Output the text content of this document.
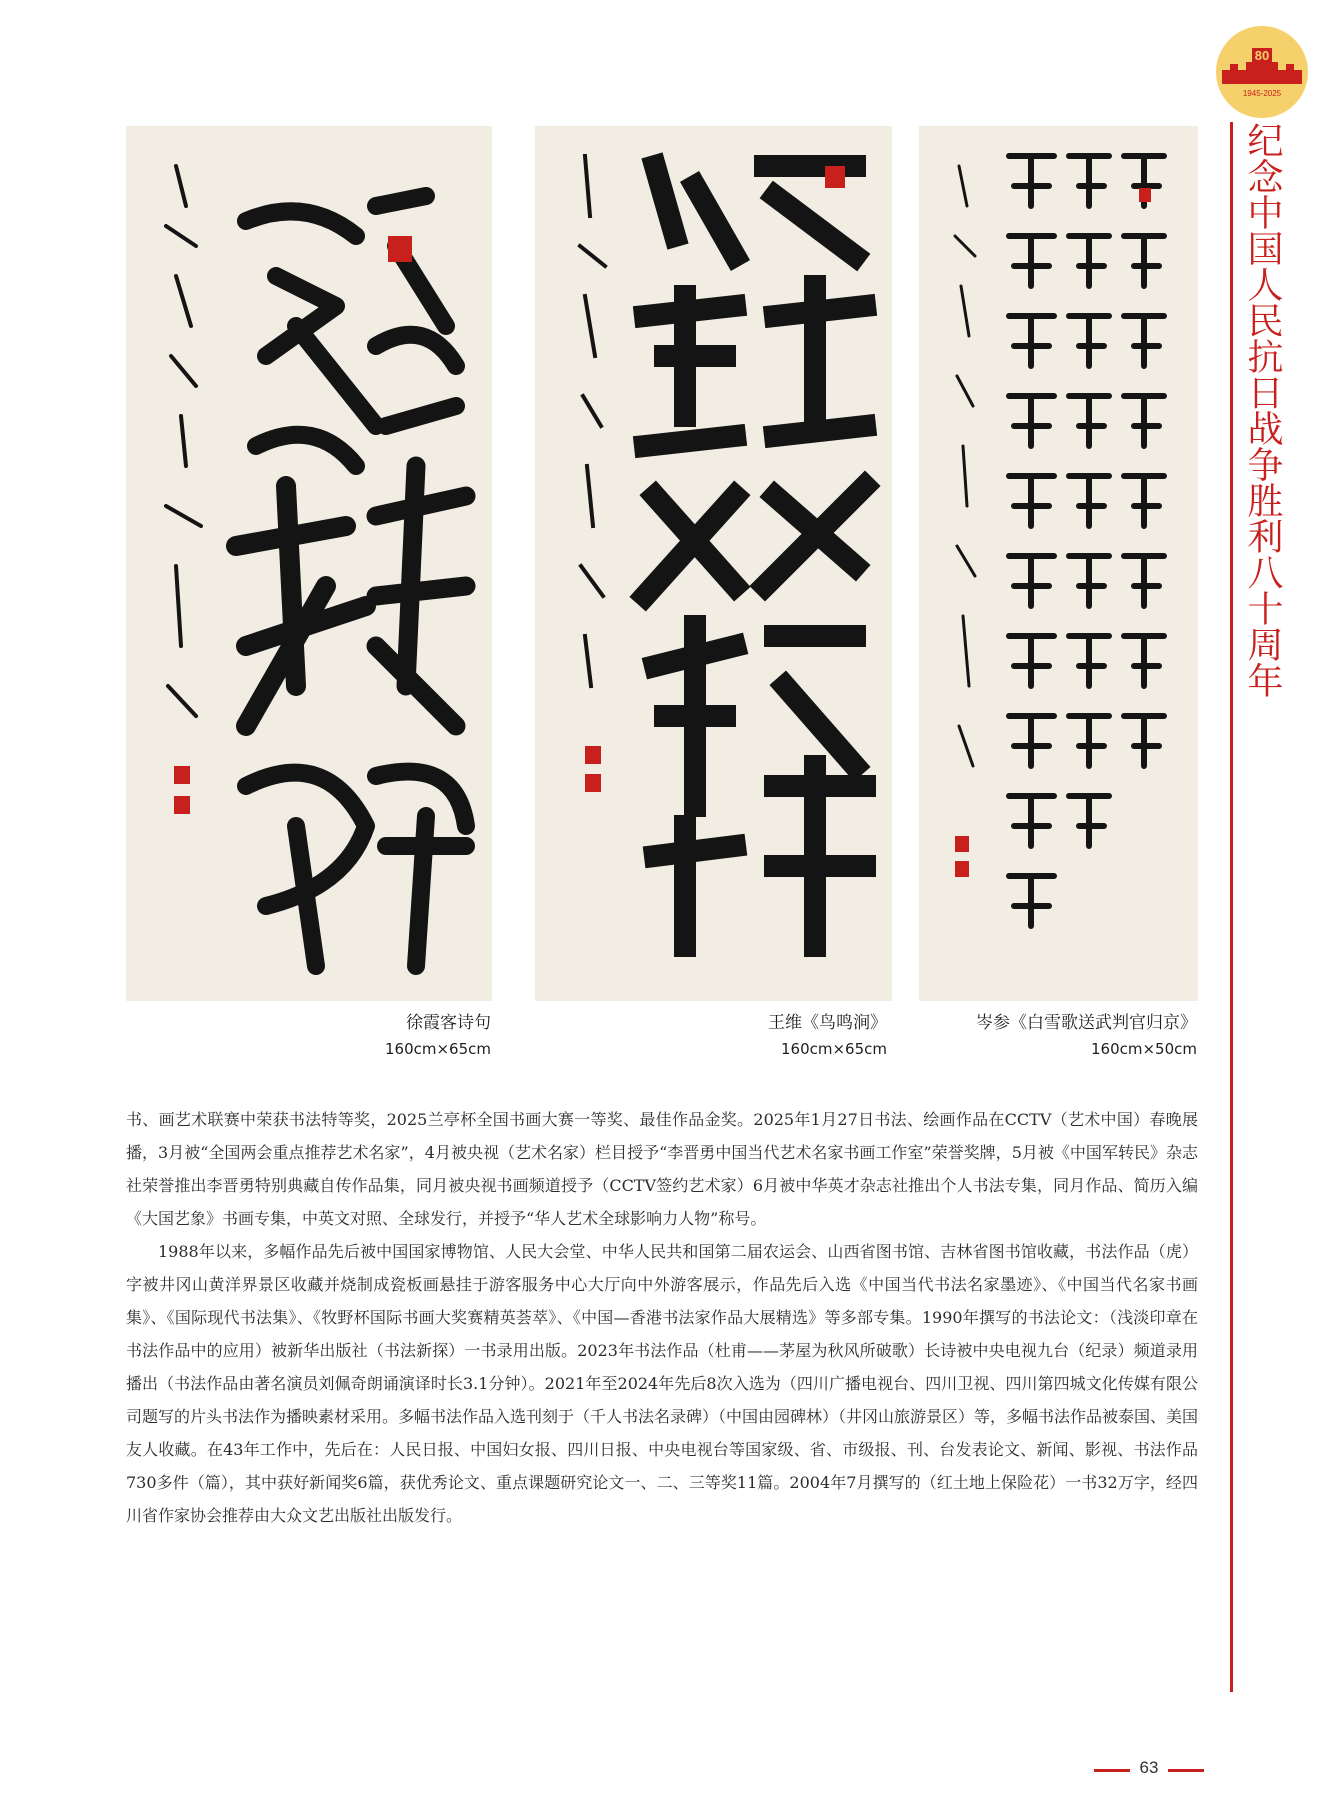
80
1945-2025
纪念中国人民抗日战争胜利八十周年
徐霞客诗句
160cm×65cm
王维《鸟鸣涧》
160cm×65cm
岑参《白雪歌送武判官归京》
160cm×50cm

书、画艺术联赛中荣获书法特等奖，2025兰亭杯全国书画大赛一等奖、最佳作品金奖。2025年1月27日书法、绘画作品在CCTV（艺术中国）春晚展播，3月被“全国两会重点推荐艺术名家”，4月被央视（艺术名家）栏目授予“李晋勇中国当代艺术名家书画工作室”荣誉奖牌，5月被《中国军转民》杂志社荣誉推出李晋勇特别典藏自传作品集，同月被央视书画频道授予（CCTV签约艺术家）6月被中华英才杂志社推出个人书法专集，同月作品、简历入编《大国艺象》书画专集，中英文对照、全球发行，并授予“华人艺术全球影响力人物”称号。

1988年以来，多幅作品先后被中国国家博物馆、人民大会堂、中华人民共和国第二届农运会、山西省图书馆、吉林省图书馆收藏，书法作品（虎）字被井冈山黄洋界景区收藏并烧制成瓷板画悬挂于游客服务中心大厅向中外游客展示，作品先后入选《中国当代书法名家墨迹》、《中国当代名家书画集》、《国际现代书法集》、《牧野杯国际书画大奖赛精英荟萃》、《中国—香港书法家作品大展精选》等多部专集。1990年撰写的书法论文：（浅淡印章在书法作品中的应用）被新华出版社（书法新探）一书录用出版。2023年书法作品（杜甫——茅屋为秋风所破歌）长诗被中央电视九台（纪录）频道录用播出（书法作品由著名演员刘佩奇朗诵演译时长3.1分钟）。2021年至2024年先后8次入选为（四川广播电视台、四川卫视、四川第四城文化传媒有限公司题写的片头书法作为播映素材采用。多幅书法作品入选刊刻于（千人书法名录碑）（中国由园碑林）（井冈山旅游景区）等，多幅书法作品被泰国、美国友人收藏。在43年工作中，先后在：人民日报、中国妇女报、四川日报、中央电视台等国家级、省、市级报、刊、台发表论文、新闻、影视、书法作品730多件（篇），其中获好新闻奖6篇，获优秀论文、重点课题研究论文一、二、三等奖11篇。2004年7月撰写的（红土地上保险花）一书32万字，经四川省作家协会推荐由大众文艺出版社出版发行。

63
